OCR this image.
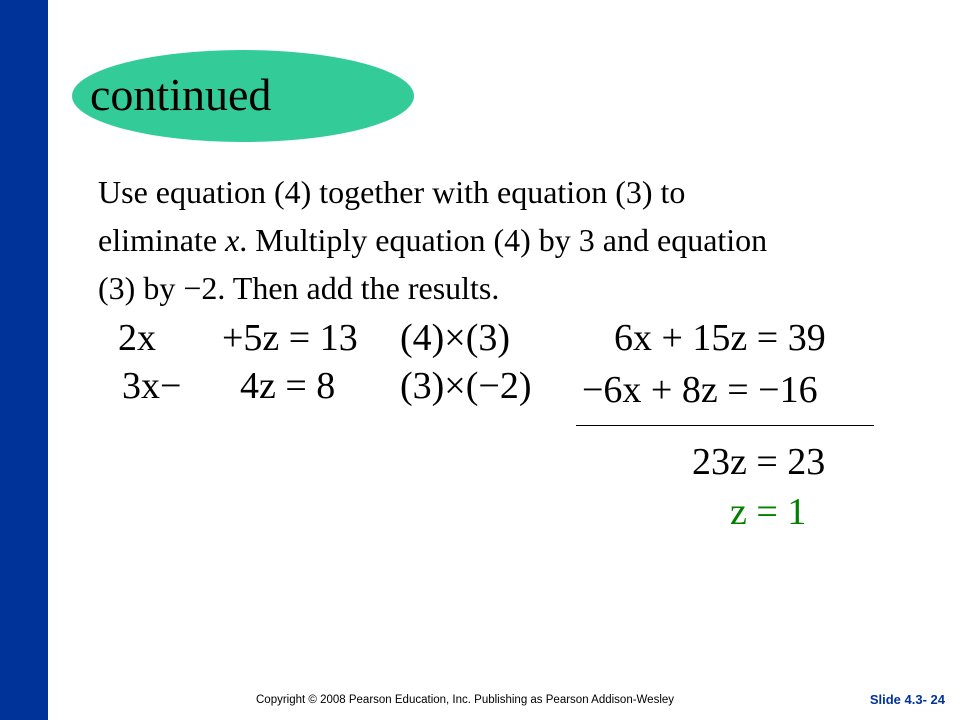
continued
Use equation (4) together with equation (3) to
eliminate x. Multiply equation (4) by 3 and equation
(3) by −2. Then add the results.
2x +5z = 13 (4)×(3)
3x− 4z = 8 (3)×(−2)
6x + 15z = 39
−6x + 8z = −16
23z = 23
z = 1
Copyright © 2008 Pearson Education, Inc. Publishing as Pearson Addison-Wesley	Slide 4.3- 24
